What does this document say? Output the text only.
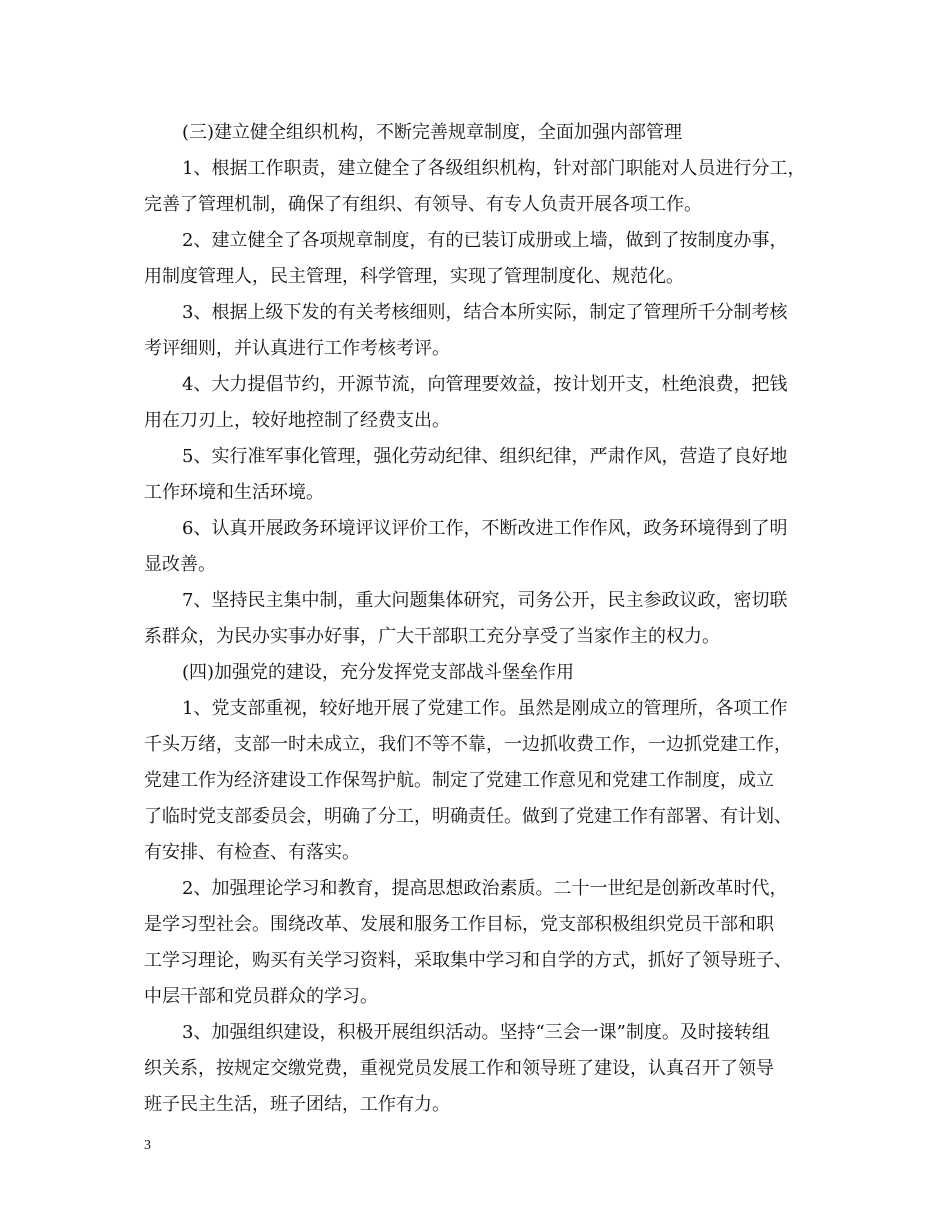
(三)建立健全组织机构，不断完善规章制度，全面加强内部管理
1、根据工作职责，建立健全了各级组织机构，针对部门职能对人员进行分工，
完善了管理机制，确保了有组织、有领导、有专人负责开展各项工作。
2、建立健全了各项规章制度，有的已装订成册或上墙，做到了按制度办事，
用制度管理人，民主管理，科学管理，实现了管理制度化、规范化。
3、根据上级下发的有关考核细则，结合本所实际，制定了管理所千分制考核
考评细则，并认真进行工作考核考评。
4、大力提倡节约，开源节流，向管理要效益，按计划开支，杜绝浪费，把钱
用在刀刃上，较好地控制了经费支出。
5、实行准军事化管理，强化劳动纪律、组织纪律，严肃作风，营造了良好地
工作环境和生活环境。
6、认真开展政务环境评议评价工作，不断改进工作作风，政务环境得到了明
显改善。
7、坚持民主集中制，重大问题集体研究，司务公开，民主参政议政，密切联
系群众，为民办实事办好事，广大干部职工充分享受了当家作主的权力。
(四)加强党的建设，充分发挥党支部战斗堡垒作用
1、党支部重视，较好地开展了党建工作。虽然是刚成立的管理所，各项工作
千头万绪，支部一时未成立，我们不等不靠，一边抓收费工作，一边抓党建工作，
党建工作为经济建设工作保驾护航。制定了党建工作意见和党建工作制度，成立
了临时党支部委员会，明确了分工，明确责任。做到了党建工作有部署、有计划、
有安排、有检查、有落实。
2、加强理论学习和教育，提高思想政治素质。二十一世纪是创新改革时代，
是学习型社会。围绕改革、发展和服务工作目标，党支部积极组织党员干部和职
工学习理论，购买有关学习资料，采取集中学习和自学的方式，抓好了领导班子、
中层干部和党员群众的学习。
3、加强组织建设，积极开展组织活动。坚持“三会一课”制度。及时接转组
织关系，按规定交缴党费，重视党员发展工作和领导班了建设，认真召开了领导
班子民主生活，班子团结，工作有力。
3
